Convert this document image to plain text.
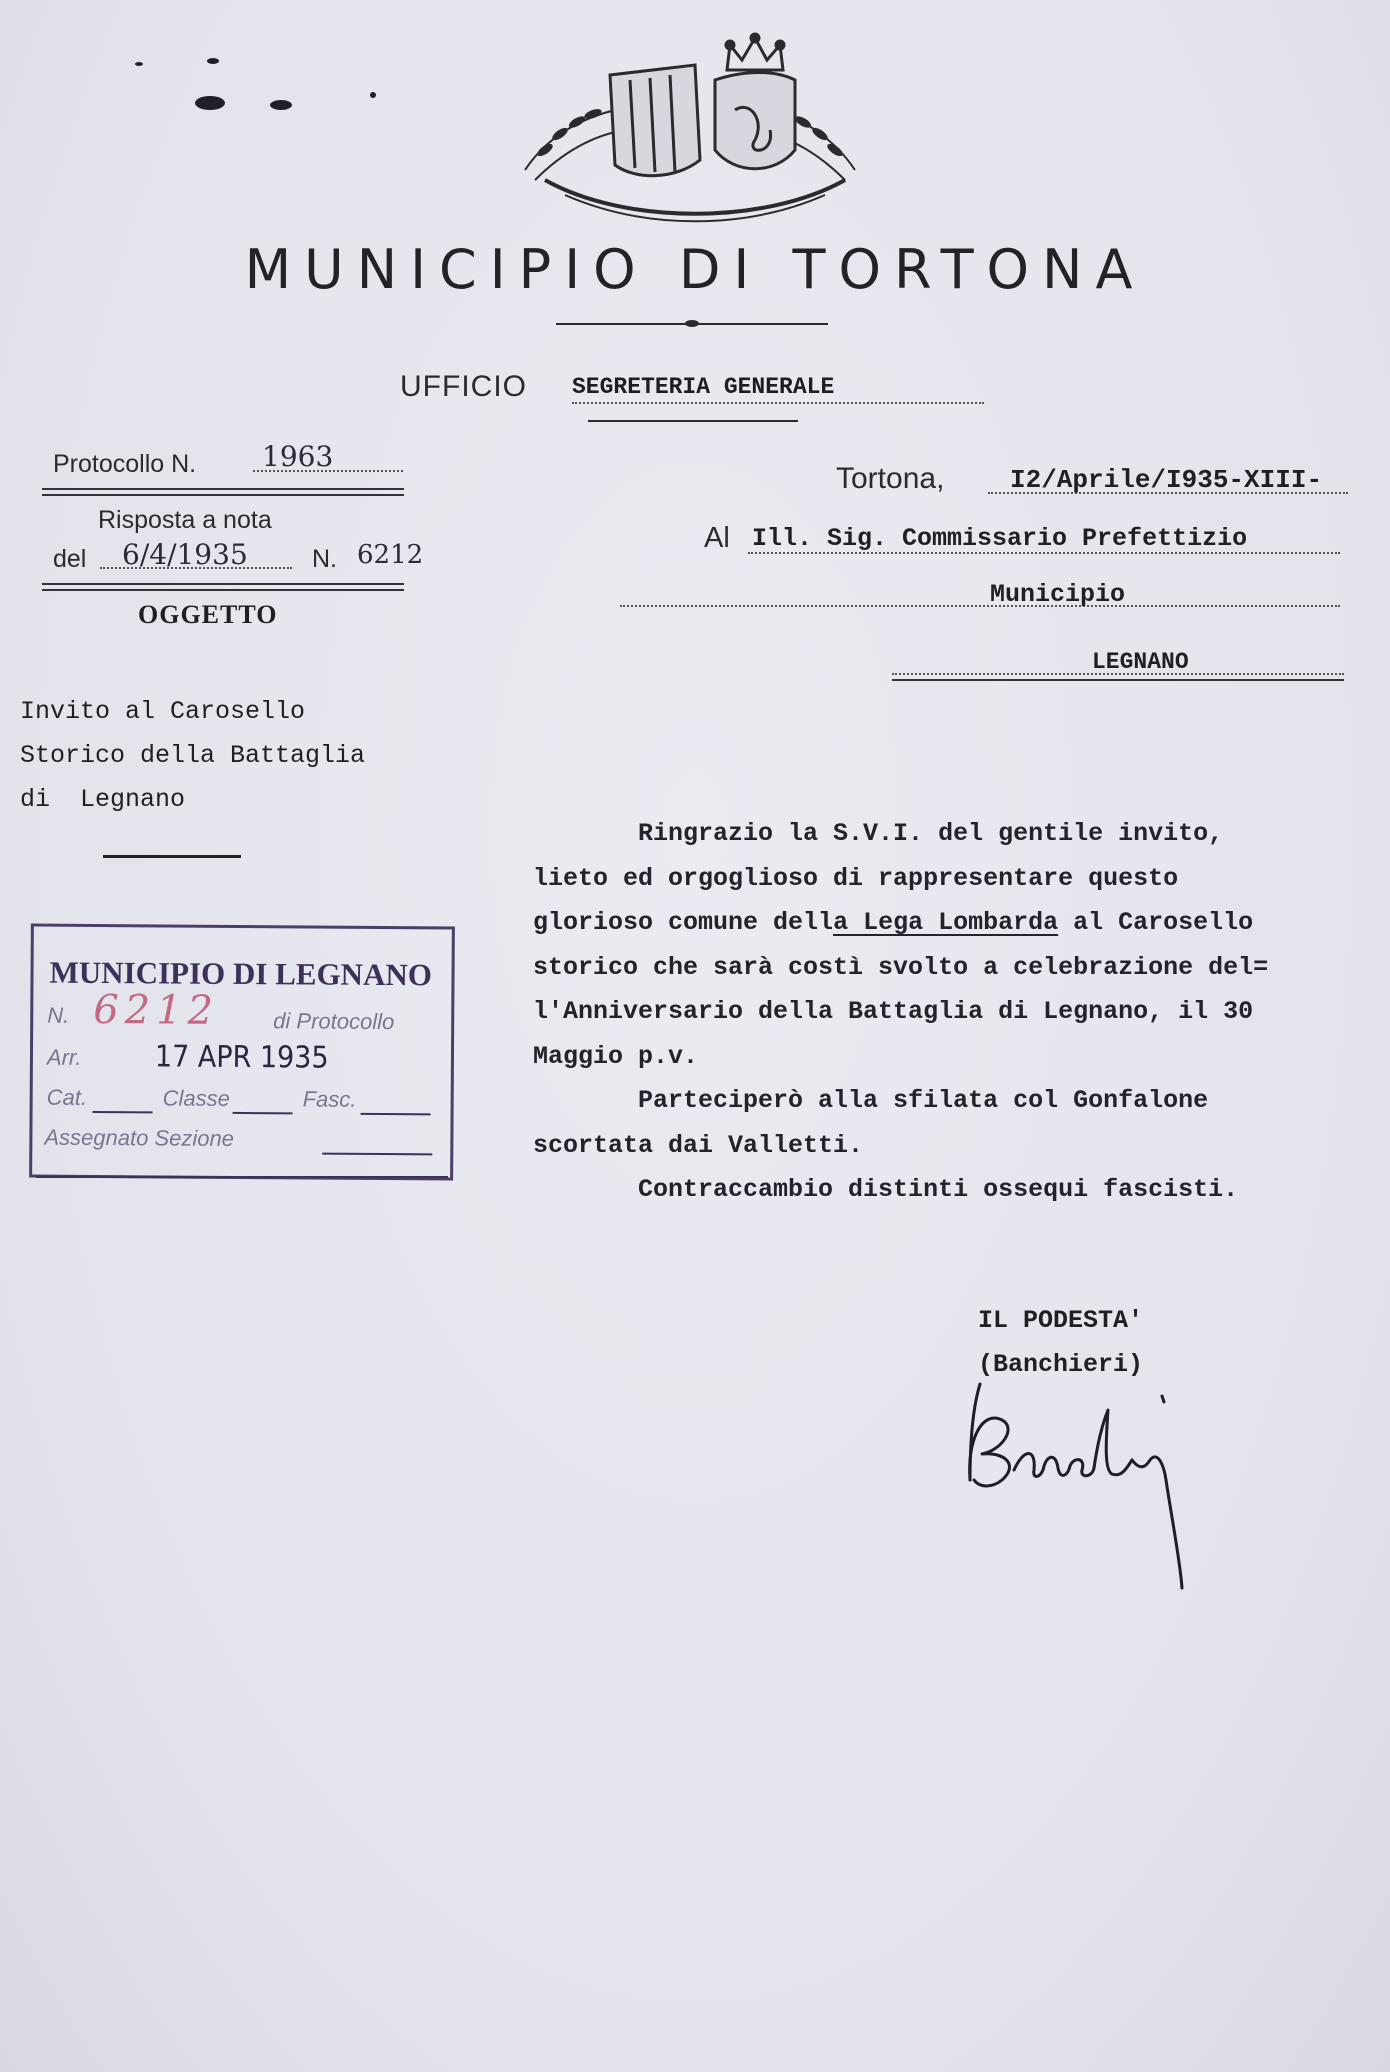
MUNICIPIO DI TORTONA
UFFICIO SEGRETERIA GENERALE
Protocollo N. 1963
Risposta a nota
del 6/4/1935	N. 6212
OGGETTO
Invito al Carosello
Storico della Battaglia
di  Legnano
MUNICIPIO DI LEGNANO
N. 6212 di Protocollo
Arr. 17 APR 1935
Cat.	Classe	Fasc.
Assegnato Sezione
Tortona,	I2/Aprile/I935-XIII-
Al Ill. Sig. Commissario Prefettizio
Municipio
LEGNANO
Ringrazio la S.V.I. del gentile invito,
lieto ed orgoglioso di rappresentare questo
glorioso comune della Lega Lombarda al Carosello
storico che sarà costì svolto a celebrazione del=
l'Anniversario della Battaglia di Legnano, il 30
Maggio p.v.
Parteciperò alla sfilata col Gonfalone
scortata dai Valletti.
Contraccambio distinti ossequi fascisti.
IL PODESTA'
(Banchieri)
